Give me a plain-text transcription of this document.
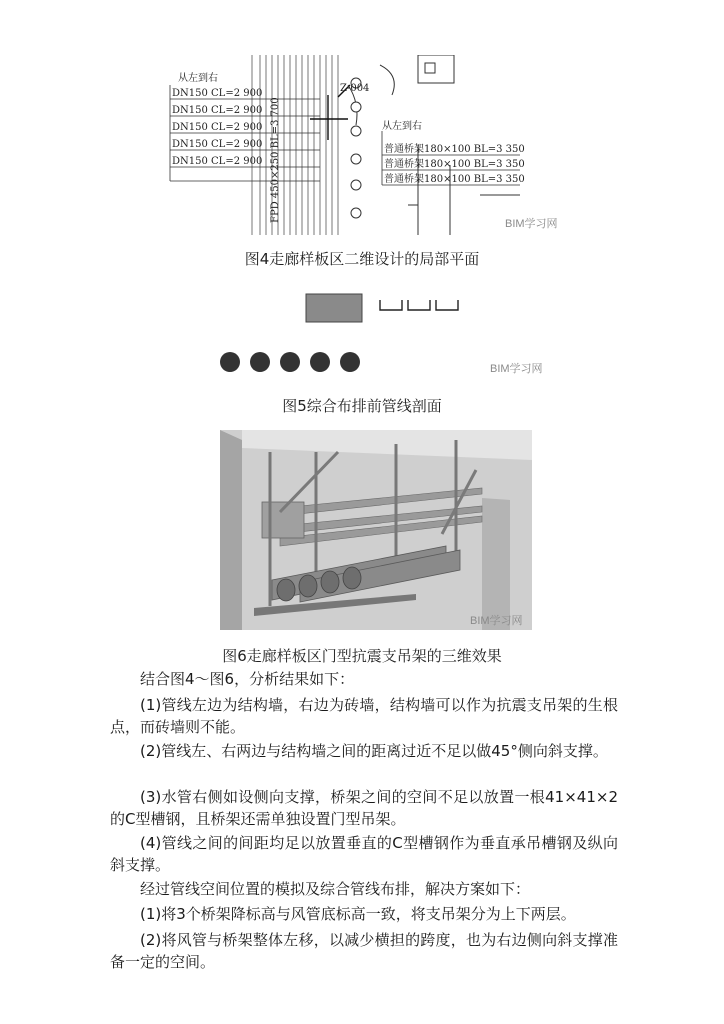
从左到右
DN150 CL=2 900
DN150 CL=2 900
DN150 CL=2 900
DN150 CL=2 900
DN150 CL=2 900 FPD 450×250 BL=3 700
Z-004
从左到右
普通桥架180×100 BL=3 350
普通桥架180×100 BL=3 350
普通桥架180×100 BL=3 350
BIM学习网
图4走廊样板区二维设计的局部平面
BIM学习网
图5综合布排前管线剖面
BIM学习网
图6走廊样板区门型抗震支吊架的三维效果

结合图4～图6，分析结果如下：

(1)管线左边为结构墙，右边为砖墙，结构墙可以作为抗震支吊架的生根点，而砖墙则不能。

(2)管线左、右两边与结构墙之间的距离过近不足以做45°侧向斜支撑。

(3)水管右侧如设侧向支撑，桥架之间的空间不足以放置一根41×41×2的C型槽钢，且桥架还需单独设置门型吊架。

(4)管线之间的间距均足以放置垂直的C型槽钢作为垂直承吊槽钢及纵向斜支撑。

经过管线空间位置的模拟及综合管线布排，解决方案如下：

(1)将3个桥架降标高与风管底标高一致，将支吊架分为上下两层。

(2)将风管与桥架整体左移，以减少横担的跨度，也为右边侧向斜支撑准备一定的空间。
